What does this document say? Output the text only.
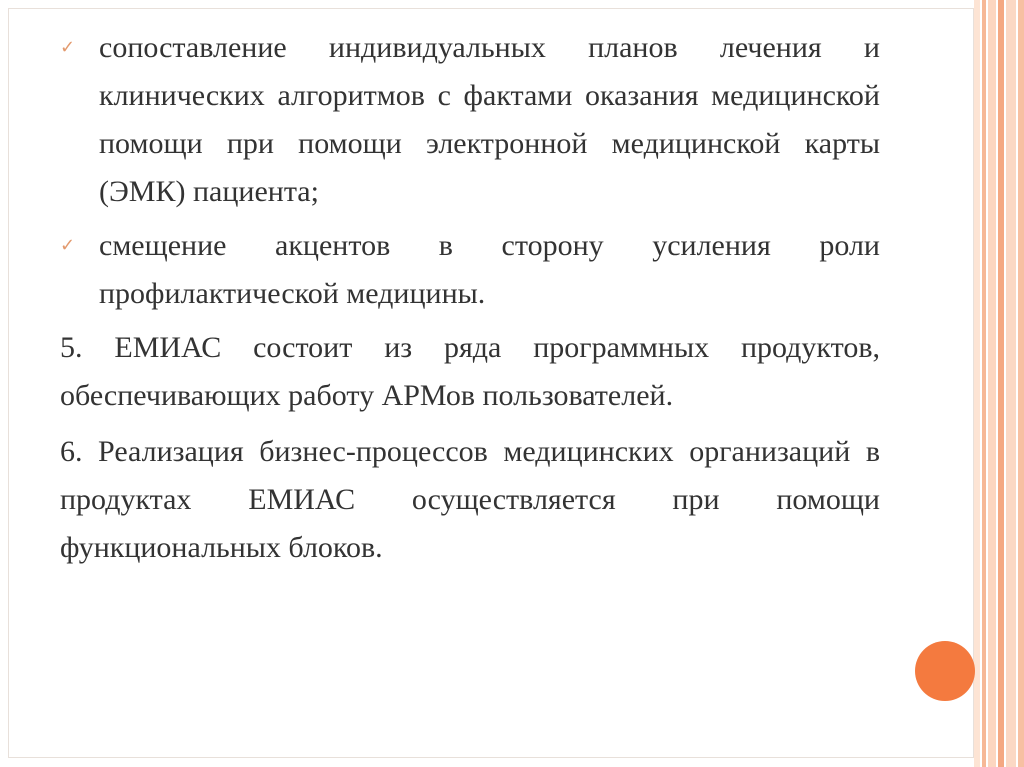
✓ сопоставление индивидуальных планов лечения и клинических алгоритмов с фактами оказания медицинской помощи при помощи электронной медицинской карты (ЭМК) пациента;
✓ смещение акцентов в сторону усиления роли профилактической медицины.
5. ЕМИАС состоит из ряда программных продуктов, обеспечивающих работу АРМов пользователей.
6. Реализация бизнес-процессов медицинских организаций в продуктах ЕМИАС осуществляется при помощи функциональных блоков.
